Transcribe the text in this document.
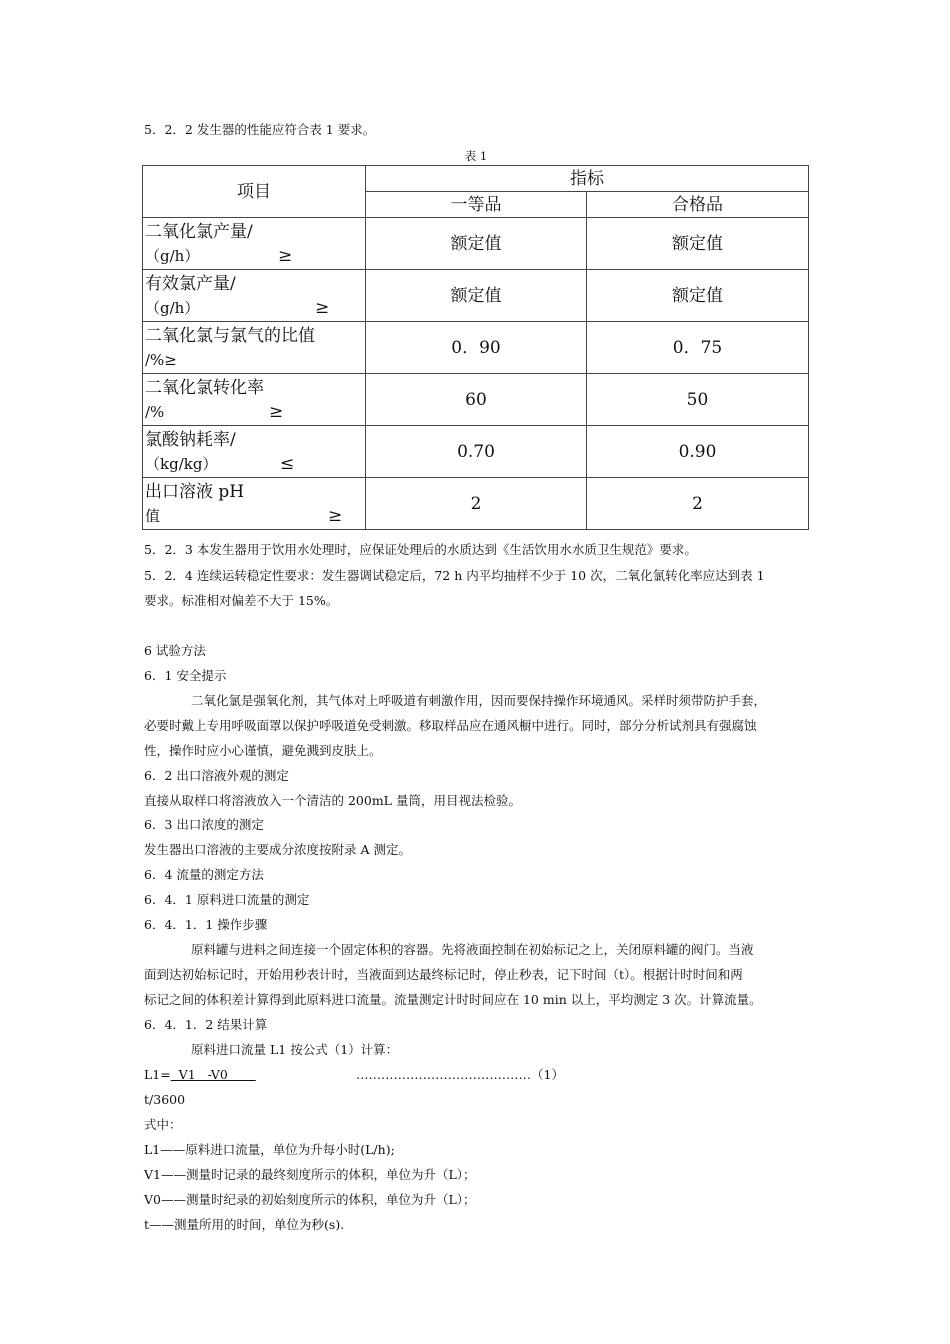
5．2．2 发生器的性能应符合表 1 要求。
表 1
项目	指标	
	一等品	合格品

二氧化氯产量/
（g/h） ≥	额定值	额定值

有效氯产量/
（g/h） ≥	额定值	额定值

二氧化氯与氯气的比值
/%≥	0．90	0．75

二氧化氯转化率
/% ≥	60	50

氯酸钠耗率/
（kg/kg） ≤	0.70	0.90

出口溶液 pH
值 ≥	2	2
5．2．3 本发生器用于饮用水处理时，应保证处理后的水质达到《生活饮用水水质卫生规范》要求。
5．2．4 连续运转稳定性要求：发生器调试稳定后，72 h 内平均抽样不少于 10 次，二氧化氯转化率应达到表 1
要求。标准相对偏差不大于 15%。
6 试验方法
6．1 安全提示
二氧化氯是强氧化剂，其气体对上呼吸道有刺激作用，因而要保持操作环境通风。采样时须带防护手套，
必要时戴上专用呼吸面罩以保护呼吸道免受刺激。移取样品应在通风橱中进行。同时，部分分析试剂具有强腐蚀
性，操作时应小心谨慎，避免溅到皮肤上。
6．2 出口溶液外观的测定
直接从取样口将溶液放入一个清洁的 200mL 量筒，用目视法检验。
6．3 出口浓度的测定
发生器出口溶液的主要成分浓度按附录 A 测定。
6．4 流量的测定方法
6．4．1 原料进口流量的测定
6．4．1．1 操作步骤
原料罐与进料之间连接一个固定体积的容器。先将液面控制在初始标记之上，关闭原料罐的阀门。当液
面到达初始标记时，开始用秒表计时，当液面到达最终标记时，停止秒表，记下时间（t）。根据计时时间和两
标记之间的体积差计算得到此原料进口流量。流量测定计时时间应在 10 min 以上，平均测定 3 次。计算流量。
6．4．1．2 结果计算
原料进口流量 L1 按公式（1）计算：
L1=  V1   -V0	……………………………………（1）
t/3600
式中：
L1——原料进口流量，单位为升每小时(L/h);
V1——测量时记录的最终刻度所示的体积，单位为升（L）；
V0——测量时纪录的初始刻度所示的体积，单位为升（L）；
t——测量所用的时间，单位为秒(s).
